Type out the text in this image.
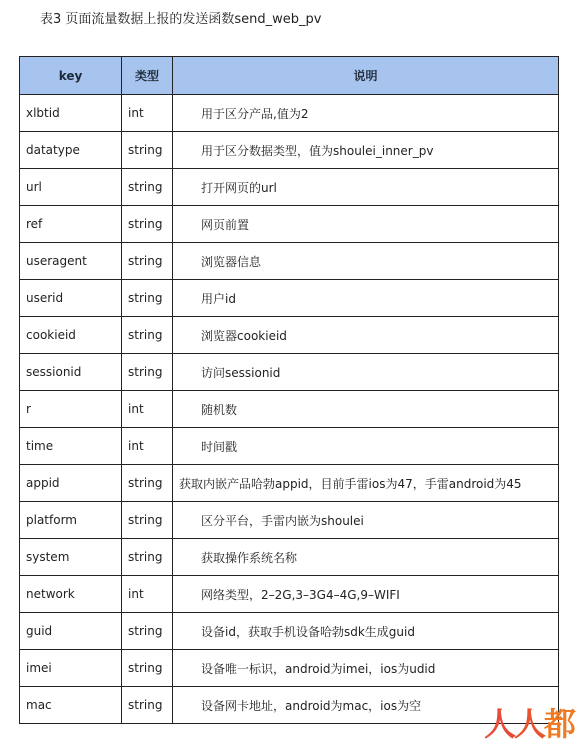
表3 页面流量数据上报的发送函数send_web_pv
key	类型	说明
xlbtid	int	用于区分产品,值为2
datatype	string	用于区分数据类型，值为shoulei_inner_pv
url	string	打开网页的url
ref	string	网页前置
useragent	string	浏览器信息
userid	string	用户id
cookieid	string	浏览器cookieid
sessionid	string	访问sessionid
r	int	随机数
time	int	时间戳
appid	string	获取内嵌产品哈勃appid，目前手雷ios为47，手雷android为45
platform	string	区分平台，手雷内嵌为shoulei
system	string	获取操作系统名称
network	int	网络类型，2–2G,3–3G4–4G,9–WIFI
guid	string	设备id，获取手机设备哈勃sdk生成guid
imei	string	设备唯一标识，android为imei，ios为udid
mac	string	设备网卡地址，android为mac，ios为空 人人都
